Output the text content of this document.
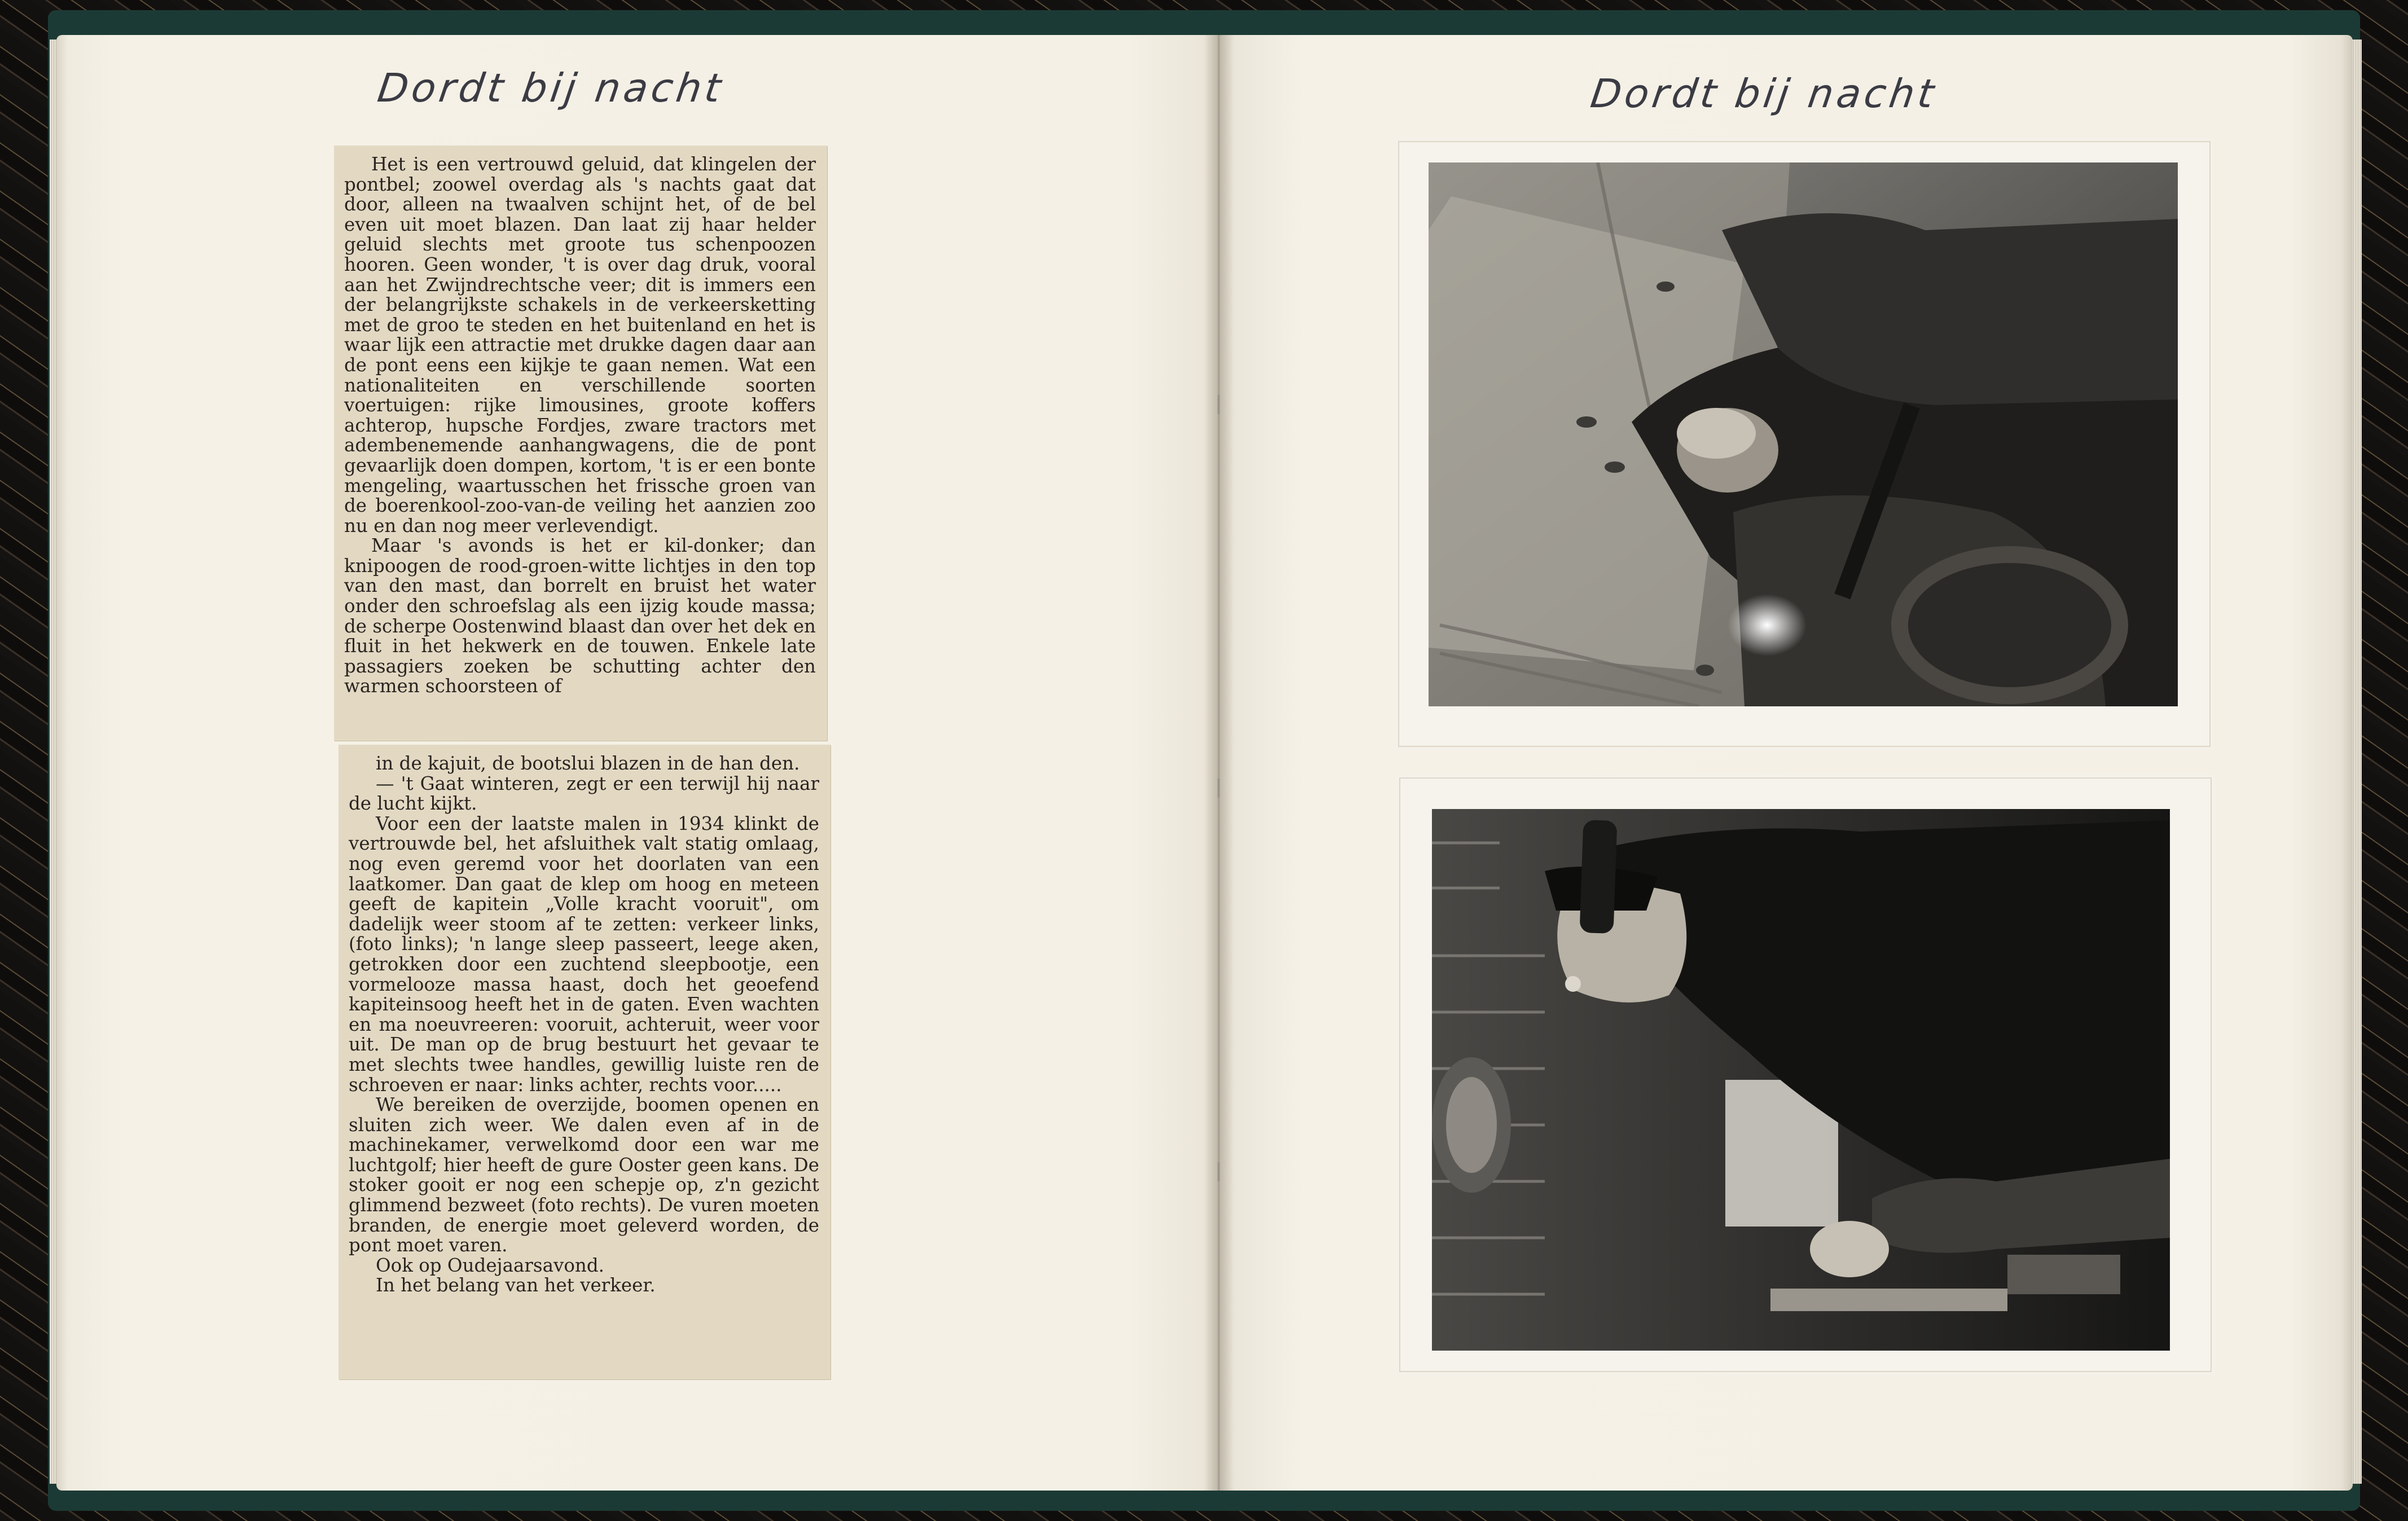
Dordt bij nacht

Het is een vertrouwd geluid, dat klingelen der pontbel; zoowel overdag als 's nachts gaat dat door, alleen na twaalven schijnt het, of de bel even uit moet blazen. Dan laat zij haar helder geluid slechts met groote tus schenpoozen hooren. Geen wonder, 't is over dag druk, vooral aan het Zwijndrechtsche veer; dit is immers een der belangrijkste schakels in de verkeersketting met de groo te steden en het buitenland en het is waar lijk een attractie met drukke dagen daar aan de pont eens een kijkje te gaan nemen. Wat een nationaliteiten en verschillende soorten voertuigen: rijke limousines, groote koffers achterop, hupsche Fordjes, zware tractors met adembenemende aanhangwagens, die de pont gevaarlijk doen dompen, kortom, 't is er een bonte mengeling, waartusschen het frissche groen van de boerenkool-zoo-van-de veiling het aanzien zoo nu en dan nog meer verlevendigt.

Maar 's avonds is het er kil-donker; dan knipoogen de rood-groen-witte lichtjes in den top van den mast, dan borrelt en bruist het water onder den schroefslag als een ijzig koude massa; de scherpe Oostenwind blaast dan over het dek en fluit in het hekwerk en de touwen. Enkele late passagiers zoeken be schutting achter den warmen schoorsteen of

in de kajuit, de bootslui blazen in de han den.

— 't Gaat winteren, zegt er een terwijl hij naar de lucht kijkt.

Voor een der laatste malen in 1934 klinkt de vertrouwde bel, het afsluithek valt statig omlaag, nog even geremd voor het doorlaten van een laatkomer. Dan gaat de klep om hoog en meteen geeft de kapitein „Volle kracht vooruit", om dadelijk weer stoom af te zetten: verkeer links, (foto links); 'n lange sleep passeert, leege aken, getrokken door een zuchtend sleepbootje, een vormelooze massa haast, doch het geoefend kapiteinsoog heeft het in de gaten. Even wachten en ma noeuvreeren: vooruit, achteruit, weer voor uit. De man op de brug bestuurt het gevaar te met slechts twee handles, gewillig luiste ren de schroeven er naar: links achter, rechts voor.....

We bereiken de overzijde, boomen openen en sluiten zich weer. We dalen even af in de machinekamer, verwelkomd door een war me luchtgolf; hier heeft de gure Ooster geen kans. De stoker gooit er nog een schepje op, z'n gezicht glimmend bezweet (foto rechts). De vuren moeten branden, de energie moet geleverd worden, de pont moet varen.

Ook op Oudejaarsavond.

In het belang van het verkeer.

Dordt bij nacht
